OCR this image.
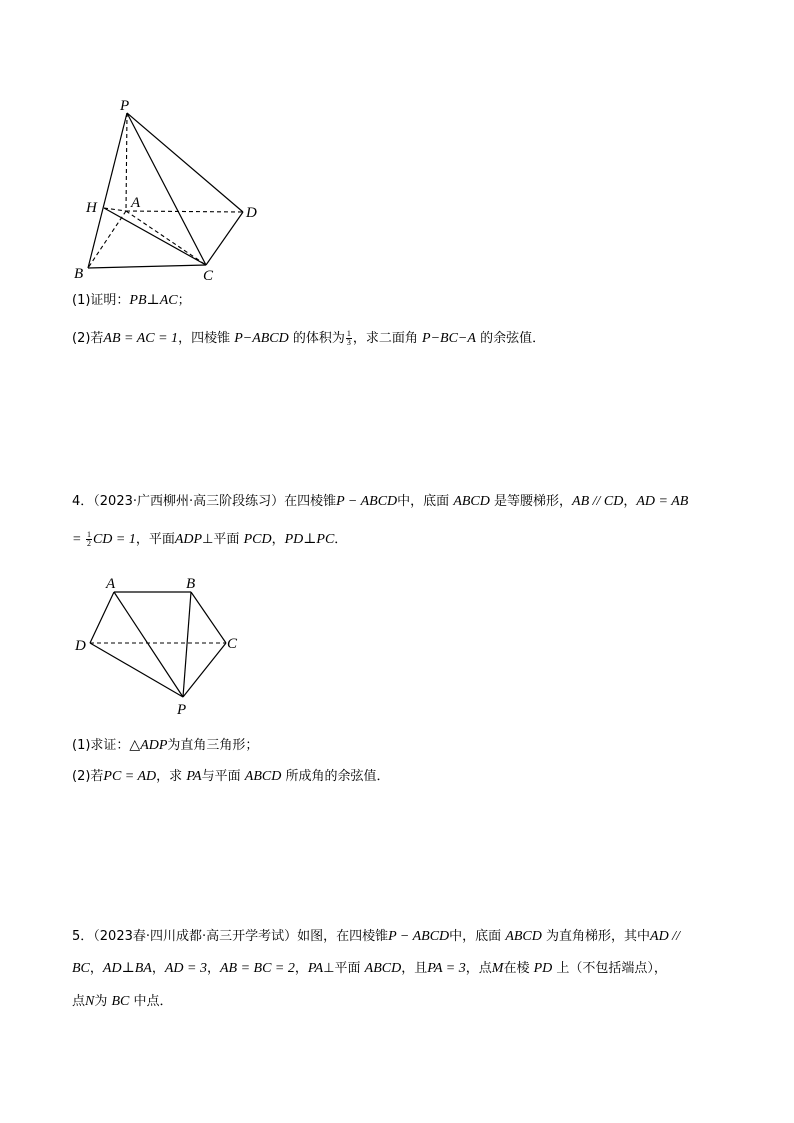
P
H A
D
B	C
(1)证明：PB⊥AC；
(2)若AB = AC = 1，四棱锥 P−ABCD 的体积为 $\frac{1}{3}$ ，求二面角 P−BC−A 的余弦值．
4．（2023·广西柳州·高三阶段练习）在四棱锥P − ABCD中，底面 ABCD 是等腰梯形，AB // CD，AD = AB
= $\frac{1}{2}$ CD = 1，平面ADP⊥平面 PCD，PD⊥PC．
A	B
D	C
P
(1)求证：△ADP为直角三角形；
(2)若PC = AD，求 PA与平面 ABCD 所成角的余弦值．
5．（2023春·四川成都·高三开学考试）如图，在四棱锥P − ABCD中，底面 ABCD 为直角梯形，其中AD //
BC，AD⊥BA，AD = 3，AB = BC = 2，PA⊥平面 ABCD，且PA = 3，点M在棱 PD 上（不包括端点），
点N为 BC 中点．
